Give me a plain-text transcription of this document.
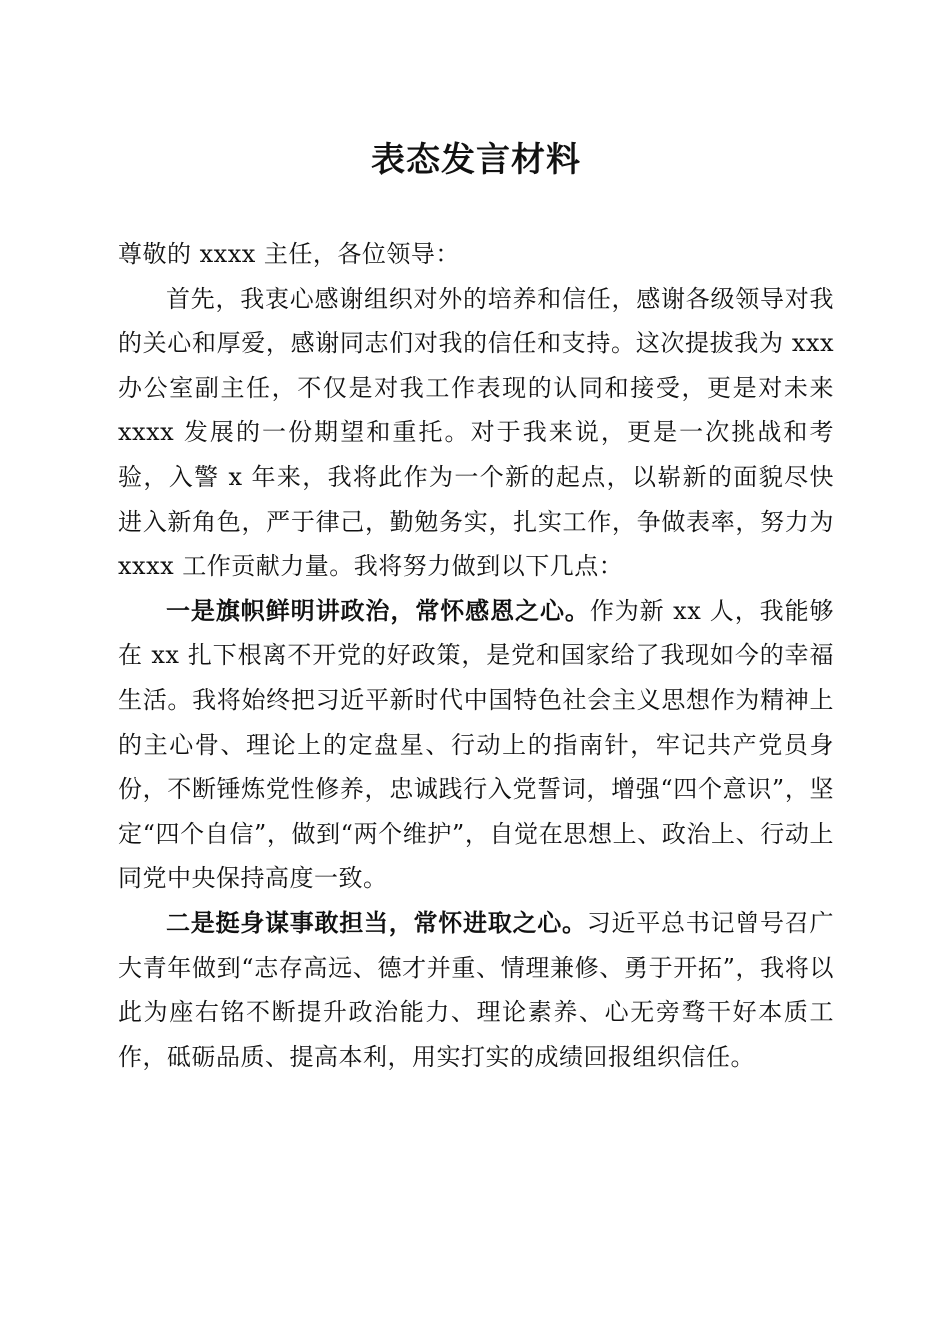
表态发言材料

尊敬的 xxxx 主任，各位领导：

首先，我衷心感谢组织对外的培养和信任，感谢各级领导对我的关心和厚爱，感谢同志们对我的信任和支持。这次提拔我为 xxx 办公室副主任，不仅是对我工作表现的认同和接受，更是对未来 xxxx 发展的一份期望和重托。对于我来说，更是一次挑战和考验，入警 x 年来，我将此作为一个新的起点，以崭新的面貌尽快进入新角色，严于律己，勤勉务实，扎实工作，争做表率，努力为 xxxx 工作贡献力量。我将努力做到以下几点：

一是旗帜鲜明讲政治，常怀感恩之心。作为新 xx 人，我能够在 xx 扎下根离不开党的好政策，是党和国家给了我现如今的幸福生活。我将始终把习近平新时代中国特色社会主义思想作为精神上的主心骨、理论上的定盘星、行动上的指南针，牢记共产党员身份，不断锤炼党性修养，忠诚践行入党誓词，增强“四个意识”，坚定“四个自信”，做到“两个维护”，自觉在思想上、政治上、行动上同党中央保持高度一致。

二是挺身谋事敢担当，常怀进取之心。习近平总书记曾号召广大青年做到“志存高远、德才并重、情理兼修、勇于开拓”，我将以此为座右铭不断提升政治能力、理论素养、心无旁骛干好本质工作，砥砺品质、提高本利，用实打实的成绩回报组织信任。
